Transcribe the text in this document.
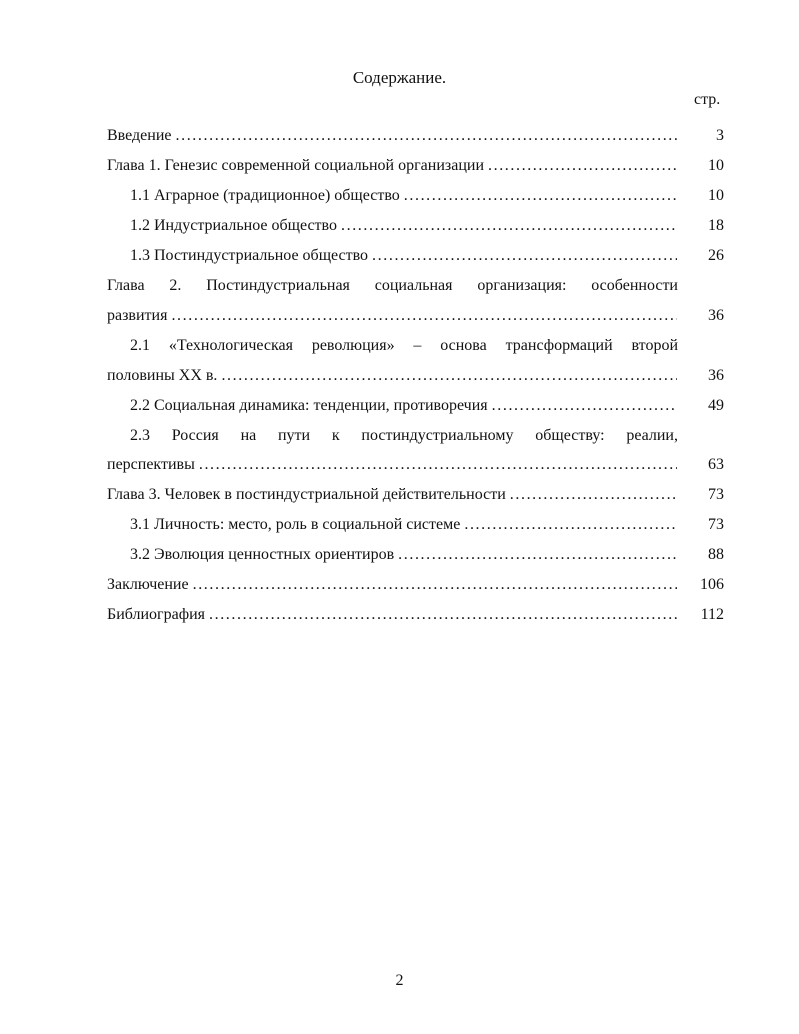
Содержание.
стр.
Введение . . .	3
Глава 1. Генезис современной социальной организации . . .	10
1.1 Аграрное (традиционное) общество . . .	10
1.2 Индустриальное общество . . .	18
1.3 Постиндустриальное общество . . .	26
Глава 2. Постиндустриальная социальная организация: особенности
развития . . .	36
2.1 «Технологическая революция» – основа трансформаций второй
половины XX в. . . .	36
2.2 Социальная динамика: тенденции, противоречия . . .	49
2.3 Россия на пути к постиндустриальному обществу: реалии,
перспективы . . .	63
Глава 3. Человек в постиндустриальной действительности . . .	73
3.1 Личность: место, роль в социальной системе . . .	73
3.2 Эволюция ценностных ориентиров . . .	88
Заключение . . .	106
Библиография . . .	112
2
